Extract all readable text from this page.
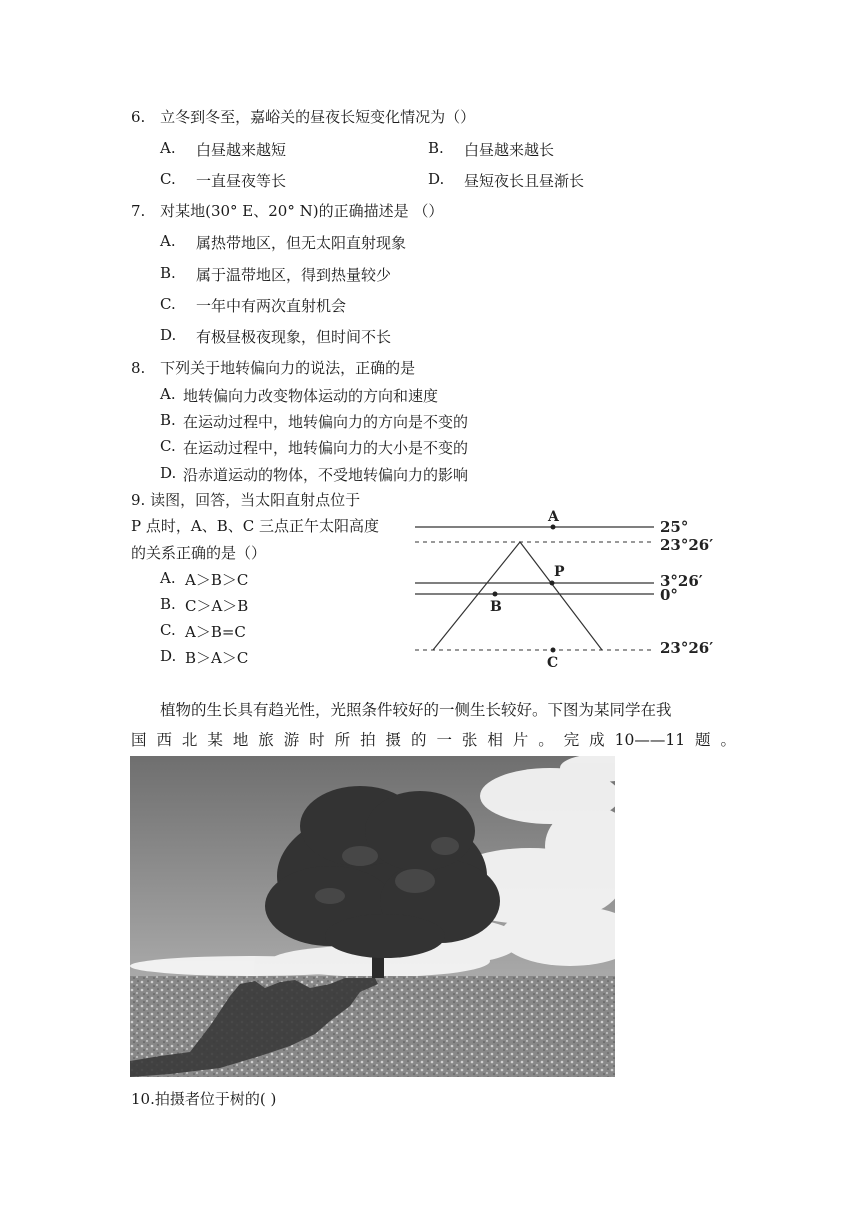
6. 立冬到冬至，嘉峪关的昼夜长短变化情况为（）
A. 白昼越来越短	B. 白昼越来越长
C. 一直昼夜等长	D. 昼短夜长且昼渐长
7. 对某地(30° E、20° N)的正确描述是 （）
A. 属热带地区，但无太阳直射现象
B. 属于温带地区，得到热量较少
C. 一年中有两次直射机会
D. 有极昼极夜现象，但时间不长
8. 下列关于地转偏向力的说法，正确的是
A. 地转偏向力改变物体运动的方向和速度
B. 在运动过程中，地转偏向力的方向是不变的
C. 在运动过程中，地转偏向力的大小是不变的
D. 沿赤道运动的物体，不受地转偏向力的影响
9. 读图，回答，当太阳直射点位于
P 点时，A、B、C 三点正午太阳高度
的关系正确的是（）
A. A＞B＞C
B. C＞A＞B
C. A＞B=C
D. B＞A＞C
A
P
B
C
25°
23°26′
3°26′
0°
23°26′
植物的生长具有趋光性，光照条件较好的一侧生长较好。下图为某同学在我
国 西 北 某 地 旅 游 时 所 拍 摄 的 一 张 相 片 。 完 成 10——11 题 。
10.拍摄者位于树的( )
